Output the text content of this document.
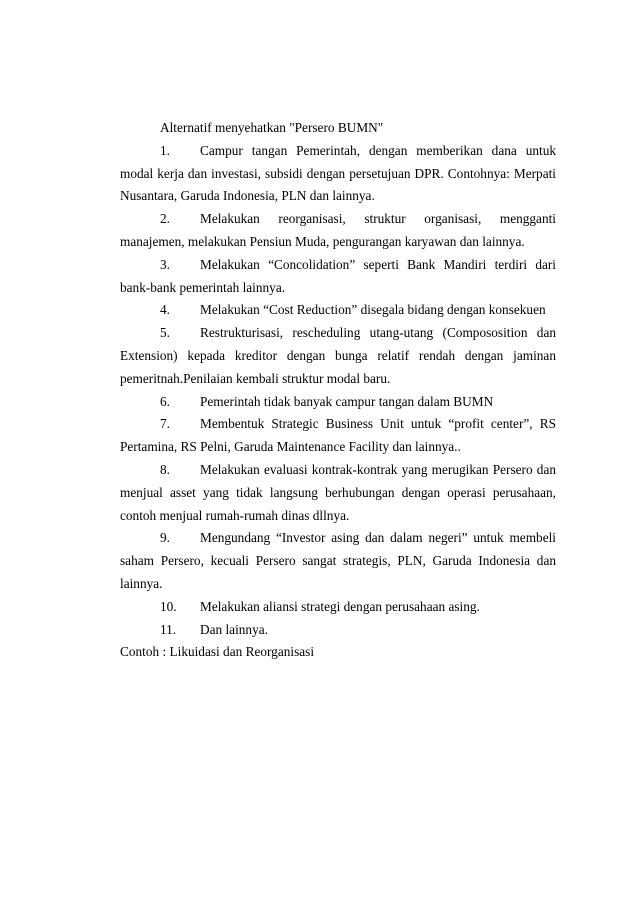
Alternatif menyehatkan "Persero BUMN"

1. Campur tangan Pemerintah, dengan memberikan dana untuk modal kerja dan investasi, subsidi dengan persetujuan DPR. Contohnya: Merpati Nusantara, Garuda Indonesia, PLN dan lainnya.

2. Melakukan reorganisasi, struktur organisasi, mengganti manajemen, melakukan Pensiun Muda, pengurangan karyawan dan lainnya.

3. Melakukan “Concolidation” seperti Bank Mandiri terdiri dari bank-bank pemerintah lainnya.

4. Melakukan “Cost Reduction” disegala bidang dengan konsekuen

5. Restrukturisasi, rescheduling utang-utang (Compososition dan Extension) kepada kreditor dengan bunga relatif rendah dengan jaminan pemeritnah.Penilaian kembali struktur modal baru.

6. Pemerintah tidak banyak campur tangan dalam BUMN

7. Membentuk Strategic Business Unit untuk “profit center”, RS Pertamina, RS Pelni, Garuda Maintenance Facility dan lainnya..

8. Melakukan evaluasi kontrak-kontrak yang merugikan Persero dan menjual asset yang tidak langsung berhubungan dengan operasi perusahaan, contoh menjual rumah-rumah dinas dllnya.

9. Mengundang “Investor asing dan dalam negeri” untuk membeli saham Persero, kecuali Persero sangat strategis, PLN, Garuda Indonesia dan lainnya.

10. Melakukan aliansi strategi dengan perusahaan asing.

11. Dan lainnya.

Contoh : Likuidasi dan Reorganisasi
